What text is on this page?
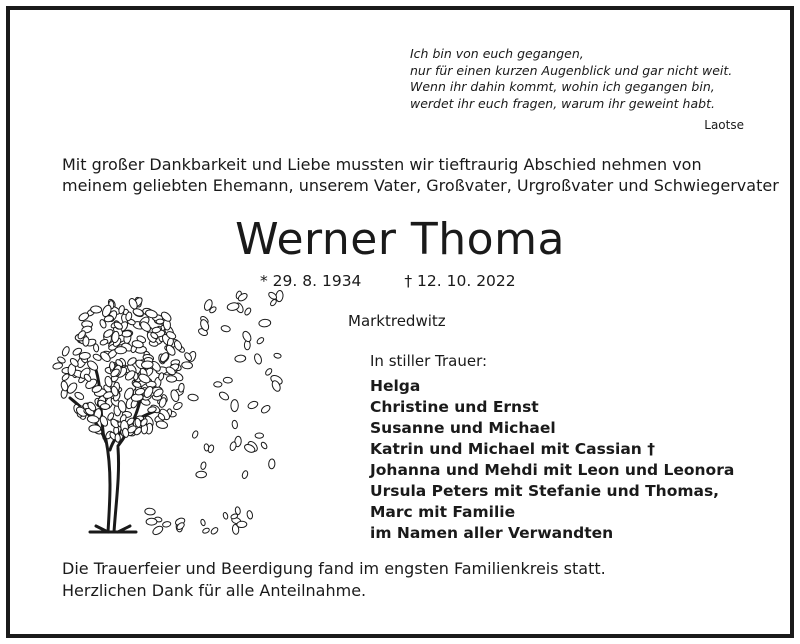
Ich bin von euch gegangen,
nur für einen kurzen Augenblick und gar nicht weit.
Wenn ihr dahin kommt, wohin ich gegangen bin,
werdet ihr euch fragen, warum ihr geweint habt.
Laotse
Mit großer Dankbarkeit und Liebe mussten wir tieftraurig Abschied nehmen von
meinem geliebten Ehemann, unserem Vater, Großvater, Urgroßvater und Schwiegervater
Werner Thoma
* 29. 8. 1934	† 12. 10. 2022
Marktredwitz
In stiller Trauer:
Helga
Christine und Ernst
Susanne und Michael
Katrin und Michael mit Cassian †
Johanna und Mehdi mit Leon und Leonora
Ursula Peters mit Stefanie und Thomas,
Marc mit Familie
im Namen aller Verwandten
Die Trauerfeier und Beerdigung fand im engsten Familienkreis statt.
Herzlichen Dank für alle Anteilnahme.
